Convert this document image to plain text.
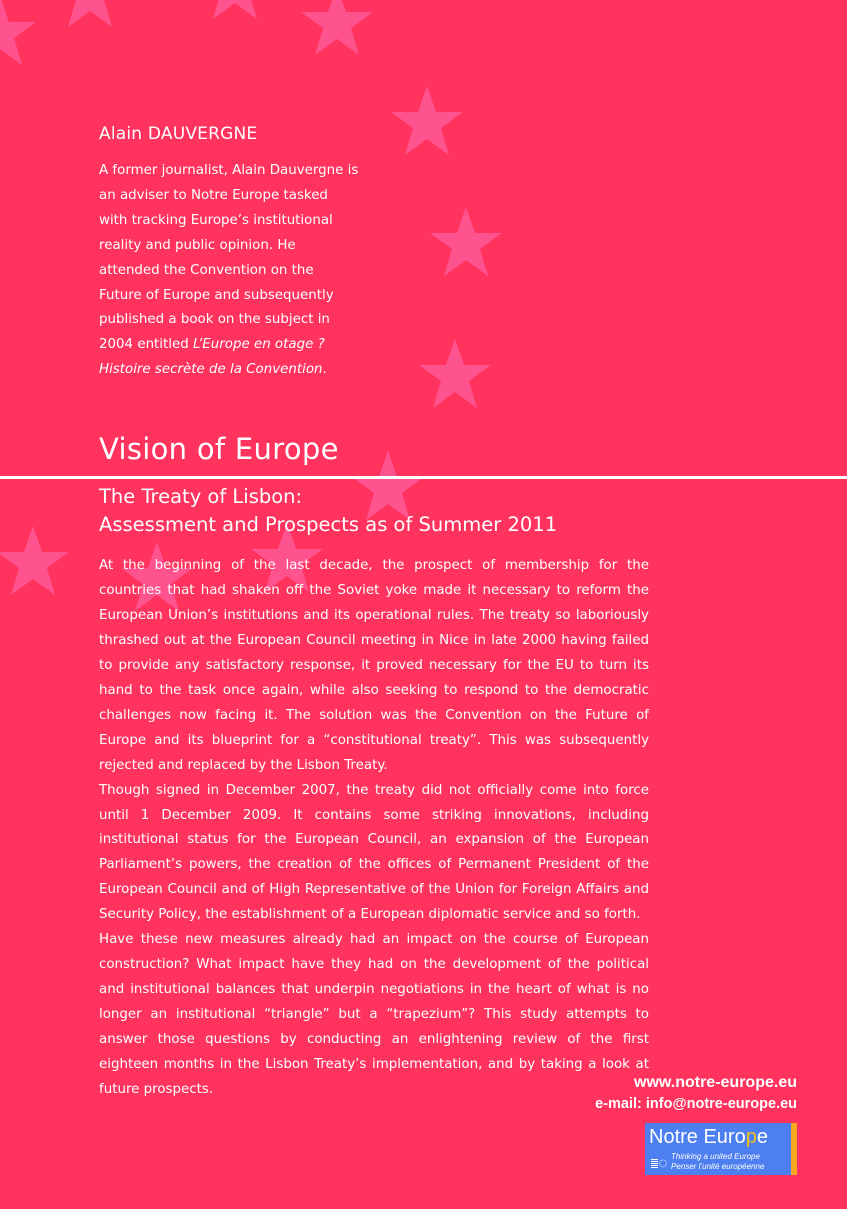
Alain DAUVERGNE

A former journalist, Alain Dauvergne is an adviser to Notre Europe tasked with tracking Europe’s institutional reality and public opinion. He attended the Convention on the Future of Europe and subsequently published a book on the subject in 2004 entitled L’Europe en otage ? Histoire secrète de la Convention.

Vision of Europe
The Treaty of Lisbon:
Assessment and Prospects as of Summer 2011

At the beginning of the last decade, the prospect of membership for the countries that had shaken off the Soviet yoke made it necessary to reform the European Union’s institutions and its operational rules. The treaty so laboriously thrashed out at the European Council meeting in Nice in late 2000 having failed to provide any satisfactory response, it proved necessary for the EU to turn its hand to the task once again, while also seeking to respond to the democratic challenges now facing it. The solution was the Convention on the Future of Europe and its blueprint for a “constitutional treaty”. This was subsequently rejected and replaced by the Lisbon Treaty.

Though signed in December 2007, the treaty did not officially come into force until 1 December 2009. It contains some striking innovations, including institutional status for the European Council, an expansion of the European Parliament’s powers, the creation of the offices of Permanent President of the European Council and of High Representative of the Union for Foreign Affairs and Security Policy, the establishment of a European diplomatic service and so forth.

Have these new measures already had an impact on the course of European construction? What impact have they had on the development of the political and institutional balances that underpin negotiations in the heart of what is no longer an institutional “triangle” but a “trapezium”? This study attempts to answer those questions by conducting an enlightening review of the first eighteen months in the Lisbon Treaty’s implementation, and by taking a look at future prospects.	www.notre-europe.eu
e-mail: info@notre-europe.eu

Notre Europe

Thinking a united Europe
Penser l’unité européenne
